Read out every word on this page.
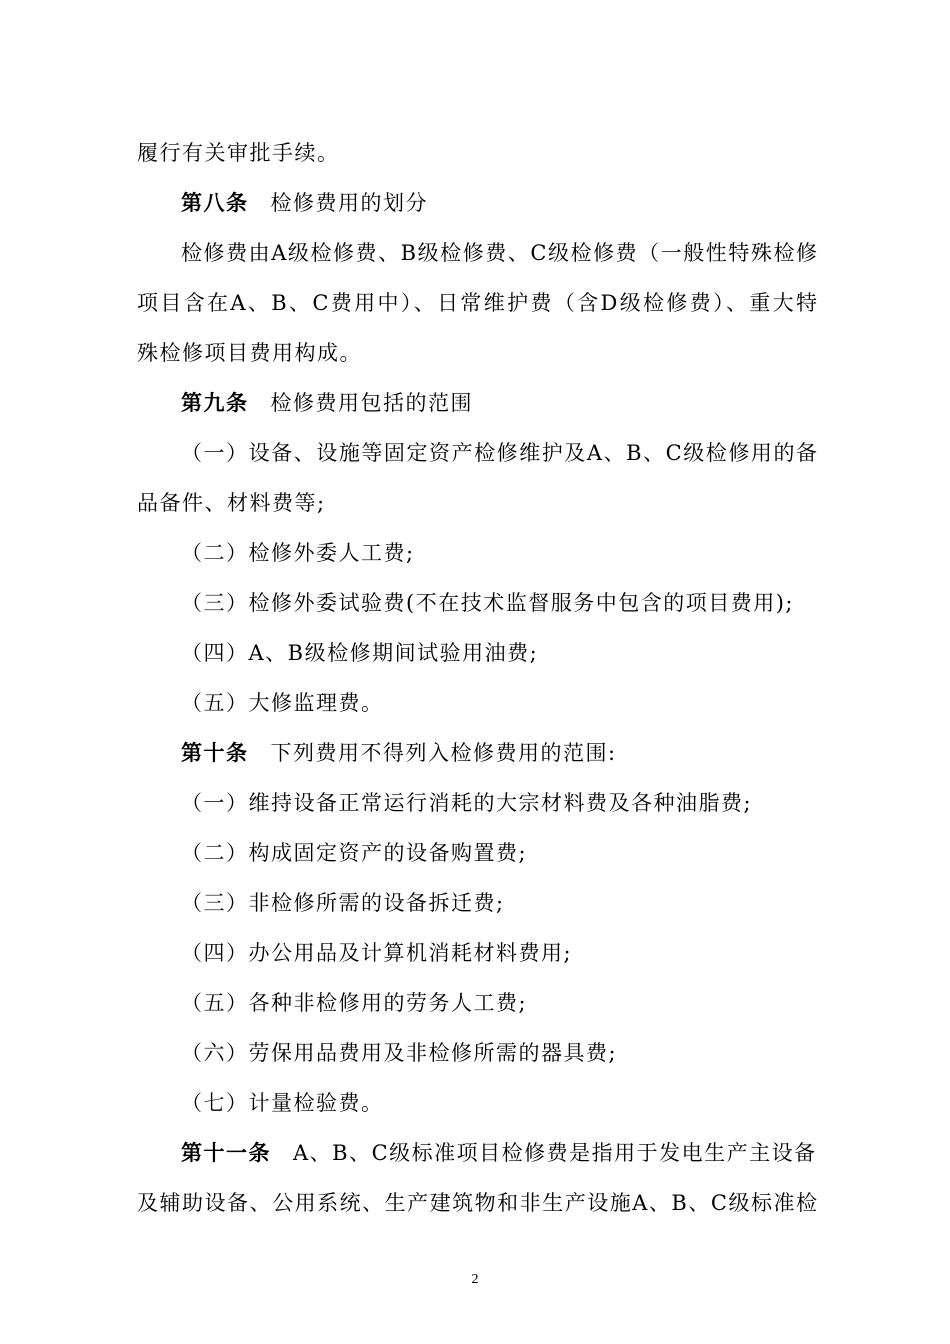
履行有关审批手续。
第八条 检修费用的划分
检修费由A级检修费、B级检修费、C级检修费（一般性特殊检修
项目含在A、B、C费用中）、日常维护费（含D级检修费）、重大特
殊检修项目费用构成。
第九条 检修费用包括的范围
（一）设备、设施等固定资产检修维护及A、B、C级检修用的备
品备件、材料费等;
（二）检修外委人工费;
（三）检修外委试验费(不在技术监督服务中包含的项目费用);
（四）A、B级检修期间试验用油费;
（五）大修监理费。
第十条 下列费用不得列入检修费用的范围:
（一）维持设备正常运行消耗的大宗材料费及各种油脂费;
（二）构成固定资产的设备购置费;
（三）非检修所需的设备拆迁费;
（四）办公用品及计算机消耗材料费用;
（五）各种非检修用的劳务人工费;
（六）劳保用品费用及非检修所需的器具费;
（七）计量检验费。
第十一条 A、B、C级标准项目检修费是指用于发电生产主设备
及辅助设备、公用系统、生产建筑物和非生产设施A、B、C级标准检
2
